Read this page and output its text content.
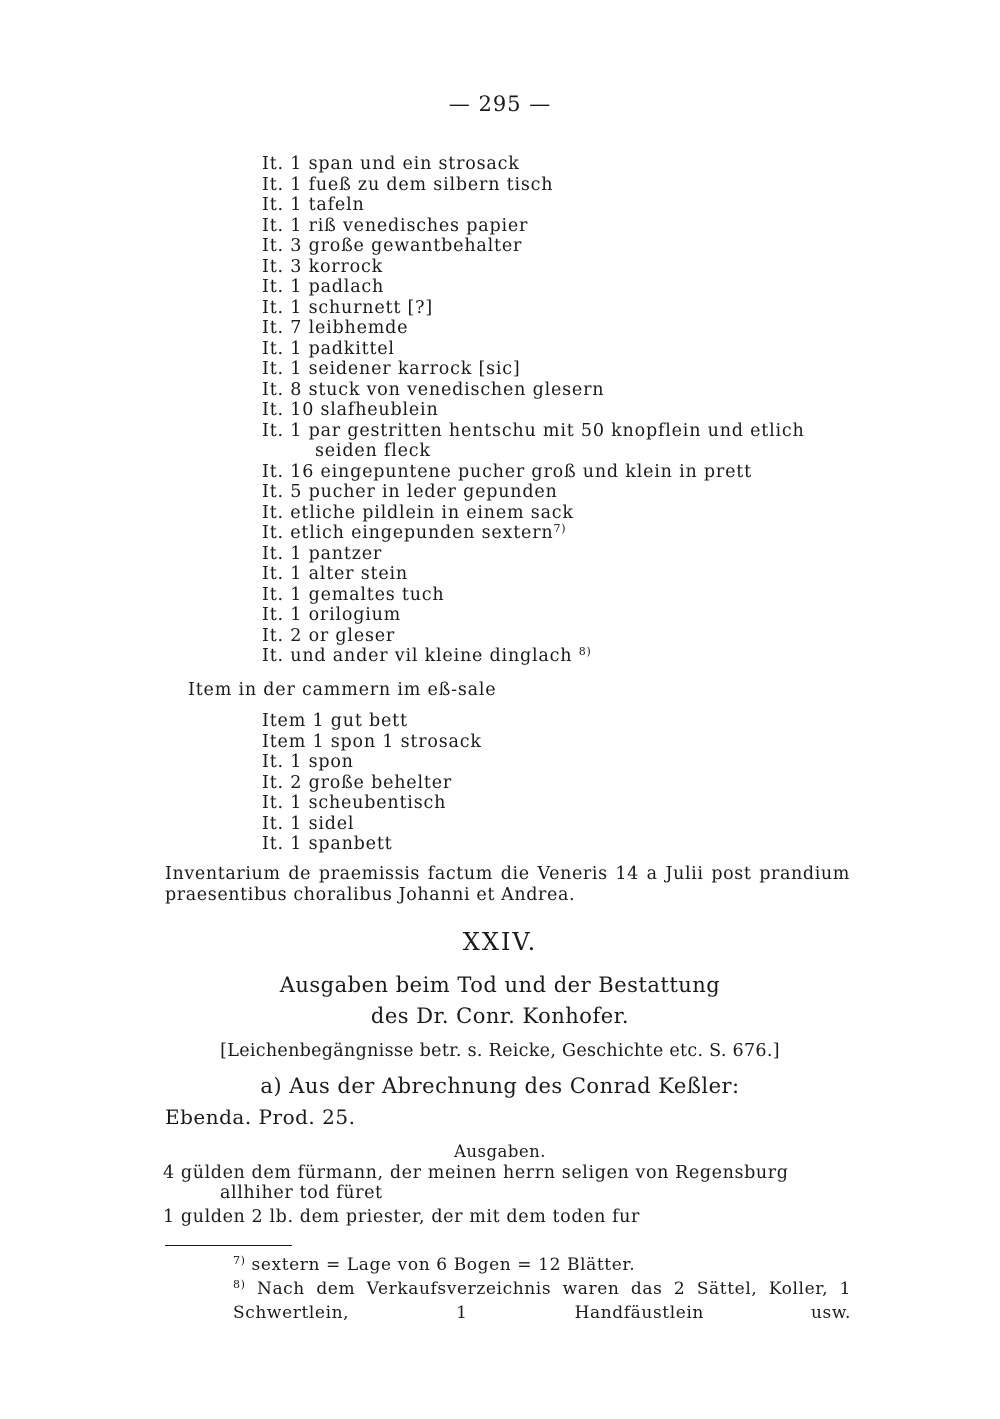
— 295 —
It. 1 span und ein strosack
It. 1 fueß zu dem silbern tisch
It. 1 tafeln
It. 1 riß venedisches papier
It. 3 große gewantbehalter
It. 3 korrock
It. 1 padlach
It. 1 schurnett [?]
It. 7 leibhemde
It. 1 padkittel
It. 1 seidener karrock [sic]
It. 8 stuck von venedischen glesern
It. 10 slafheublein
It. 1 par gestritten hentschu mit 50 knopflein und etlich
seiden fleck
It. 16 eingepuntene pucher groß und klein in prett
It. 5 pucher in leder gepunden
It. etliche pildlein in einem sack
It. etlich eingepunden sextern$^{7)}$
It. 1 pantzer
It. 1 alter stein
It. 1 gemaltes tuch
It. 1 orilogium
It. 2 or gleser
It. und ander vil kleine dinglach $^{8)}$
Item in der cammern im eß-sale
Item 1 gut bett
Item 1 spon 1 strosack
It. 1 spon
It. 2 große behelter
It. 1 scheubentisch
It. 1 sidel
It. 1 spanbett
Inventarium de praemissis factum die Veneris 14 a Julii post prandium praesentibus choralibus Johanni et Andrea.
XXIV.
Ausgaben beim Tod und der Bestattung
des Dr. Conr. Konhofer.
[Leichenbegängnisse betr. s. Reicke, Geschichte etc. S. 676.]
a) Aus der Abrechnung des Conrad Keßler:
Ebenda. Prod. 25.
Ausgaben.
4 gülden dem fürmann, der meinen herrn seligen von Regensburg
allhiher tod füret
1 gulden 2 lb. dem priester, der mit dem toden fur
$^{7)}$ sextern = Lage von 6 Bogen = 12 Blätter.
$^{8)}$ Nach dem Verkaufsverzeichnis waren das 2 Sättel, Koller, 1 Schwertlein, 1 Handfäustlein usw.
